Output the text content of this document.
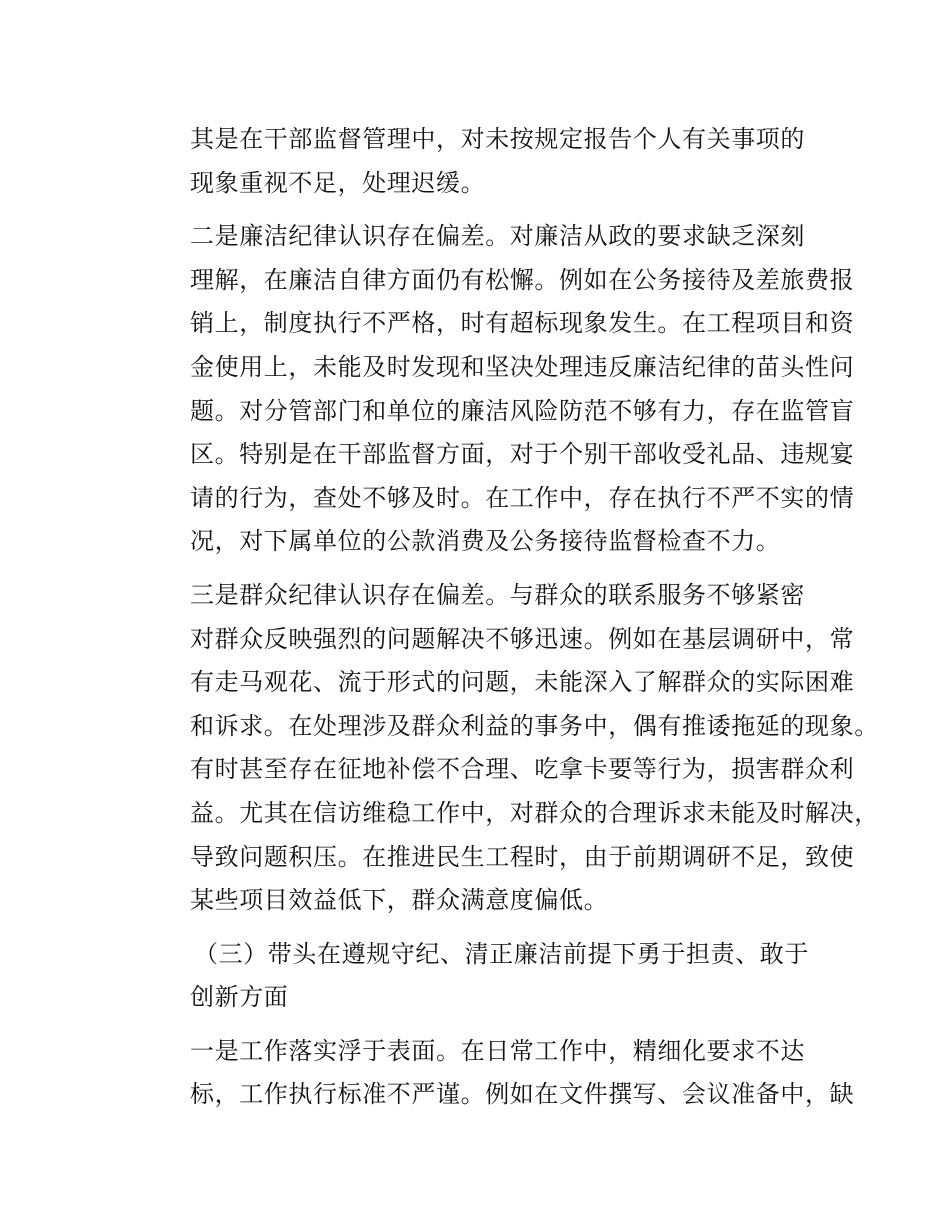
其是在干部监督管理中，对未按规定报告个人有关事项的
现象重视不足，处理迟缓。
二是廉洁纪律认识存在偏差。对廉洁从政的要求缺乏深刻
理解，在廉洁自律方面仍有松懈。例如在公务接待及差旅费报
销上，制度执行不严格，时有超标现象发生。在工程项目和资
金使用上，未能及时发现和坚决处理违反廉洁纪律的苗头性问
题。对分管部门和单位的廉洁风险防范不够有力，存在监管盲
区。特别是在干部监督方面，对于个别干部收受礼品、违规宴
请的行为，查处不够及时。在工作中，存在执行不严不实的情
况，对下属单位的公款消费及公务接待监督检查不力。
三是群众纪律认识存在偏差。与群众的联系服务不够紧密
对群众反映强烈的问题解决不够迅速。例如在基层调研中，常
有走马观花、流于形式的问题，未能深入了解群众的实际困难
和诉求。在处理涉及群众利益的事务中，偶有推诿拖延的现象。
有时甚至存在征地补偿不合理、吃拿卡要等行为，损害群众利
益。尤其在信访维稳工作中，对群众的合理诉求未能及时解决，
导致问题积压。在推进民生工程时，由于前期调研不足，致使
某些项目效益低下，群众满意度偏低。
（三）带头在遵规守纪、清正廉洁前提下勇于担责、敢于
创新方面
一是工作落实浮于表面。在日常工作中，精细化要求不达
标，工作执行标准不严谨。例如在文件撰写、会议准备中，缺
